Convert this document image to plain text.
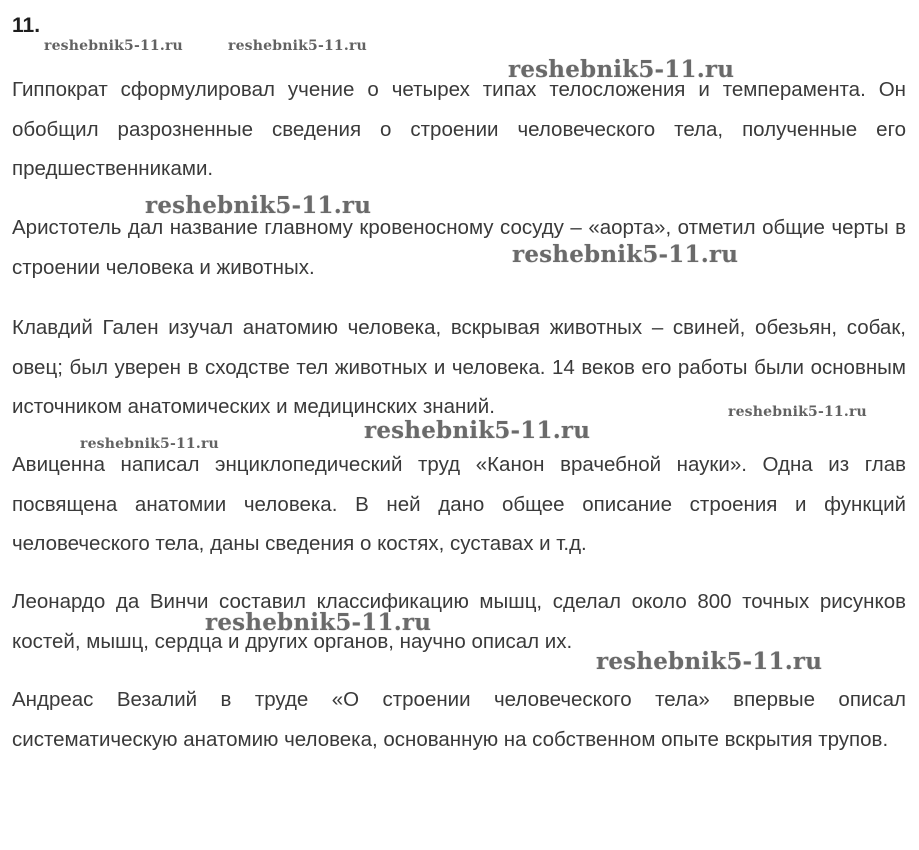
11.

Гиппократ сформулировал учение о четырех типах телосложения и темперамента. Он обобщил разрозненные сведения о строении человеческого тела, полученные его предшественниками.

Аристотель дал название главному кровеносному сосуду – «аорта», отметил общие черты в строении человека и животных.

Клавдий Гален изучал анатомию человека, вскрывая животных – свиней, обезьян, собак, овец; был уверен в сходстве тел животных и человека. 14 веков его работы были основным источником анатомических и медицинских знаний.

Авиценна написал энциклопедический труд «Канон врачебной науки». Одна из глав посвящена анатомии человека. В ней дано общее описание строения и функций человеческого тела, даны сведения о костях, суставах и т.д.

Леонардо да Винчи составил классификацию мышц, сделал около 800 точных рисунков костей, мышц, сердца и других органов, научно описал их.

Андреас Везалий в труде «О строении человеческого тела» впервые описал систематическую анатомию человека, основанную на собственном опыте вскрытия трупов.

reshebnik5-11.ru	reshebnik5-11.ru
reshebnik5-11.ru
reshebnik5-11.ru
reshebnik5-11.ru
reshebnik5-11.ru
reshebnik5-11.ru
reshebnik5-11.ru
reshebnik5-11.ru
reshebnik5-11.ru
